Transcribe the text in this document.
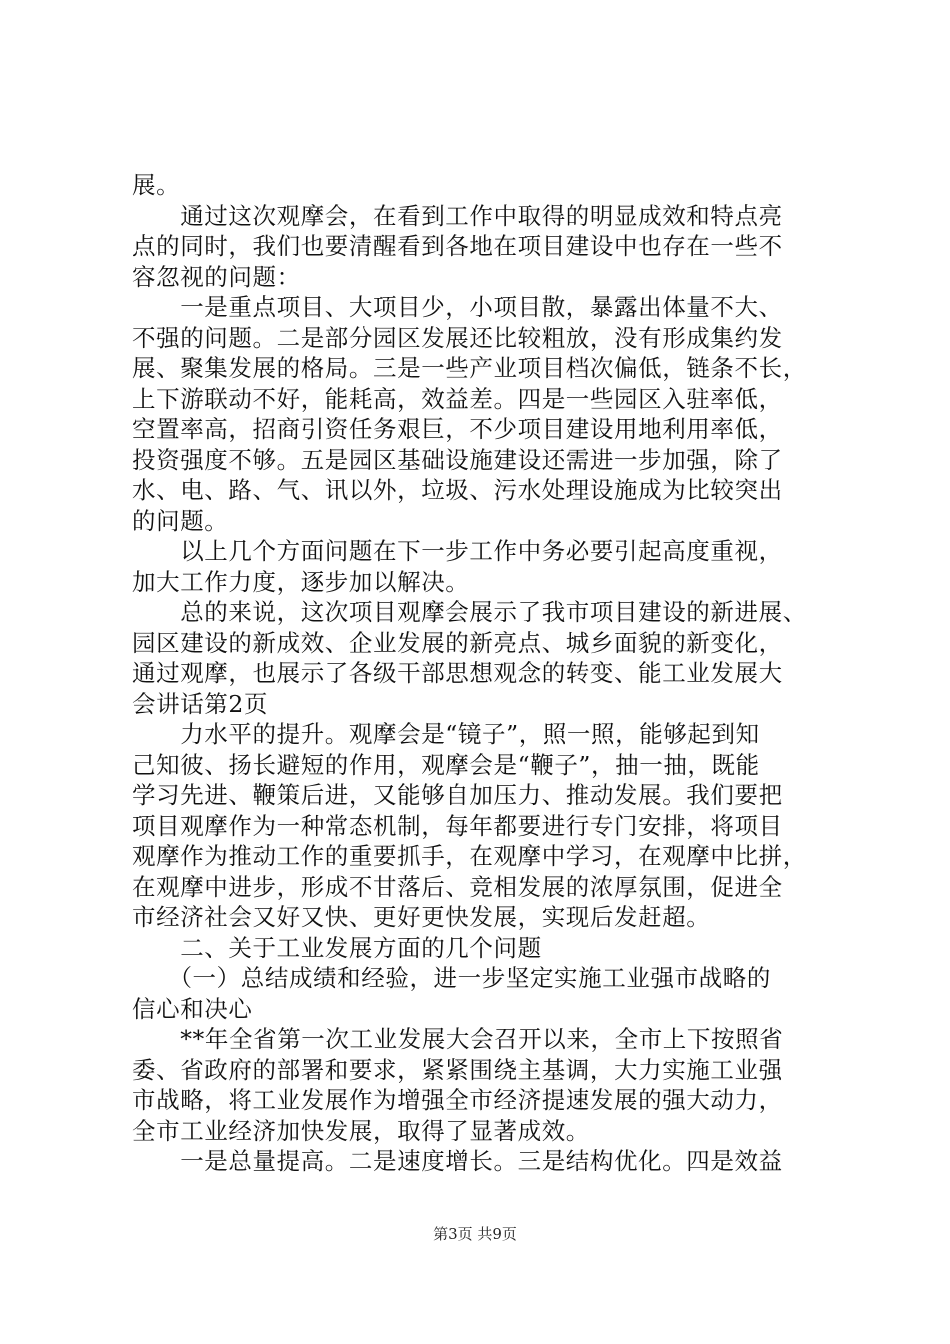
展。
　　通过这次观摩会，在看到工作中取得的明显成效和特点亮
点的同时，我们也要清醒看到各地在项目建设中也存在一些不
容忽视的问题：
　　一是重点项目、大项目少，小项目散，暴露出体量不大、
不强的问题。二是部分园区发展还比较粗放，没有形成集约发
展、聚集发展的格局。三是一些产业项目档次偏低，链条不长，
上下游联动不好，能耗高，效益差。四是一些园区入驻率低，
空置率高，招商引资任务艰巨，不少项目建设用地利用率低，
投资强度不够。五是园区基础设施建设还需进一步加强，除了
水、电、路、气、讯以外，垃圾、污水处理设施成为比较突出
的问题。
　　以上几个方面问题在下一步工作中务必要引起高度重视，
加大工作力度，逐步加以解决。
　　总的来说，这次项目观摩会展示了我市项目建设的新进展、
园区建设的新成效、企业发展的新亮点、城乡面貌的新变化，
通过观摩，也展示了各级干部思想观念的转变、能工业发展大
会讲话第2页
　　力水平的提升。观摩会是“镜子”，照一照，能够起到知
己知彼、扬长避短的作用，观摩会是“鞭子”，抽一抽，既能
学习先进、鞭策后进，又能够自加压力、推动发展。我们要把
项目观摩作为一种常态机制，每年都要进行专门安排，将项目
观摩作为推动工作的重要抓手，在观摩中学习，在观摩中比拼，
在观摩中进步，形成不甘落后、竞相发展的浓厚氛围，促进全
市经济社会又好又快、更好更快发展，实现后发赶超。
　　二、关于工业发展方面的几个问题
　　（一）总结成绩和经验，进一步坚定实施工业强市战略的
信心和决心
　　**年全省第一次工业发展大会召开以来，全市上下按照省
委、省政府的部署和要求，紧紧围绕主基调，大力实施工业强
市战略，将工业发展作为增强全市经济提速发展的强大动力，
全市工业经济加快发展，取得了显著成效。
　　一是总量提高。二是速度增长。三是结构优化。四是效益
第3页 共9页
